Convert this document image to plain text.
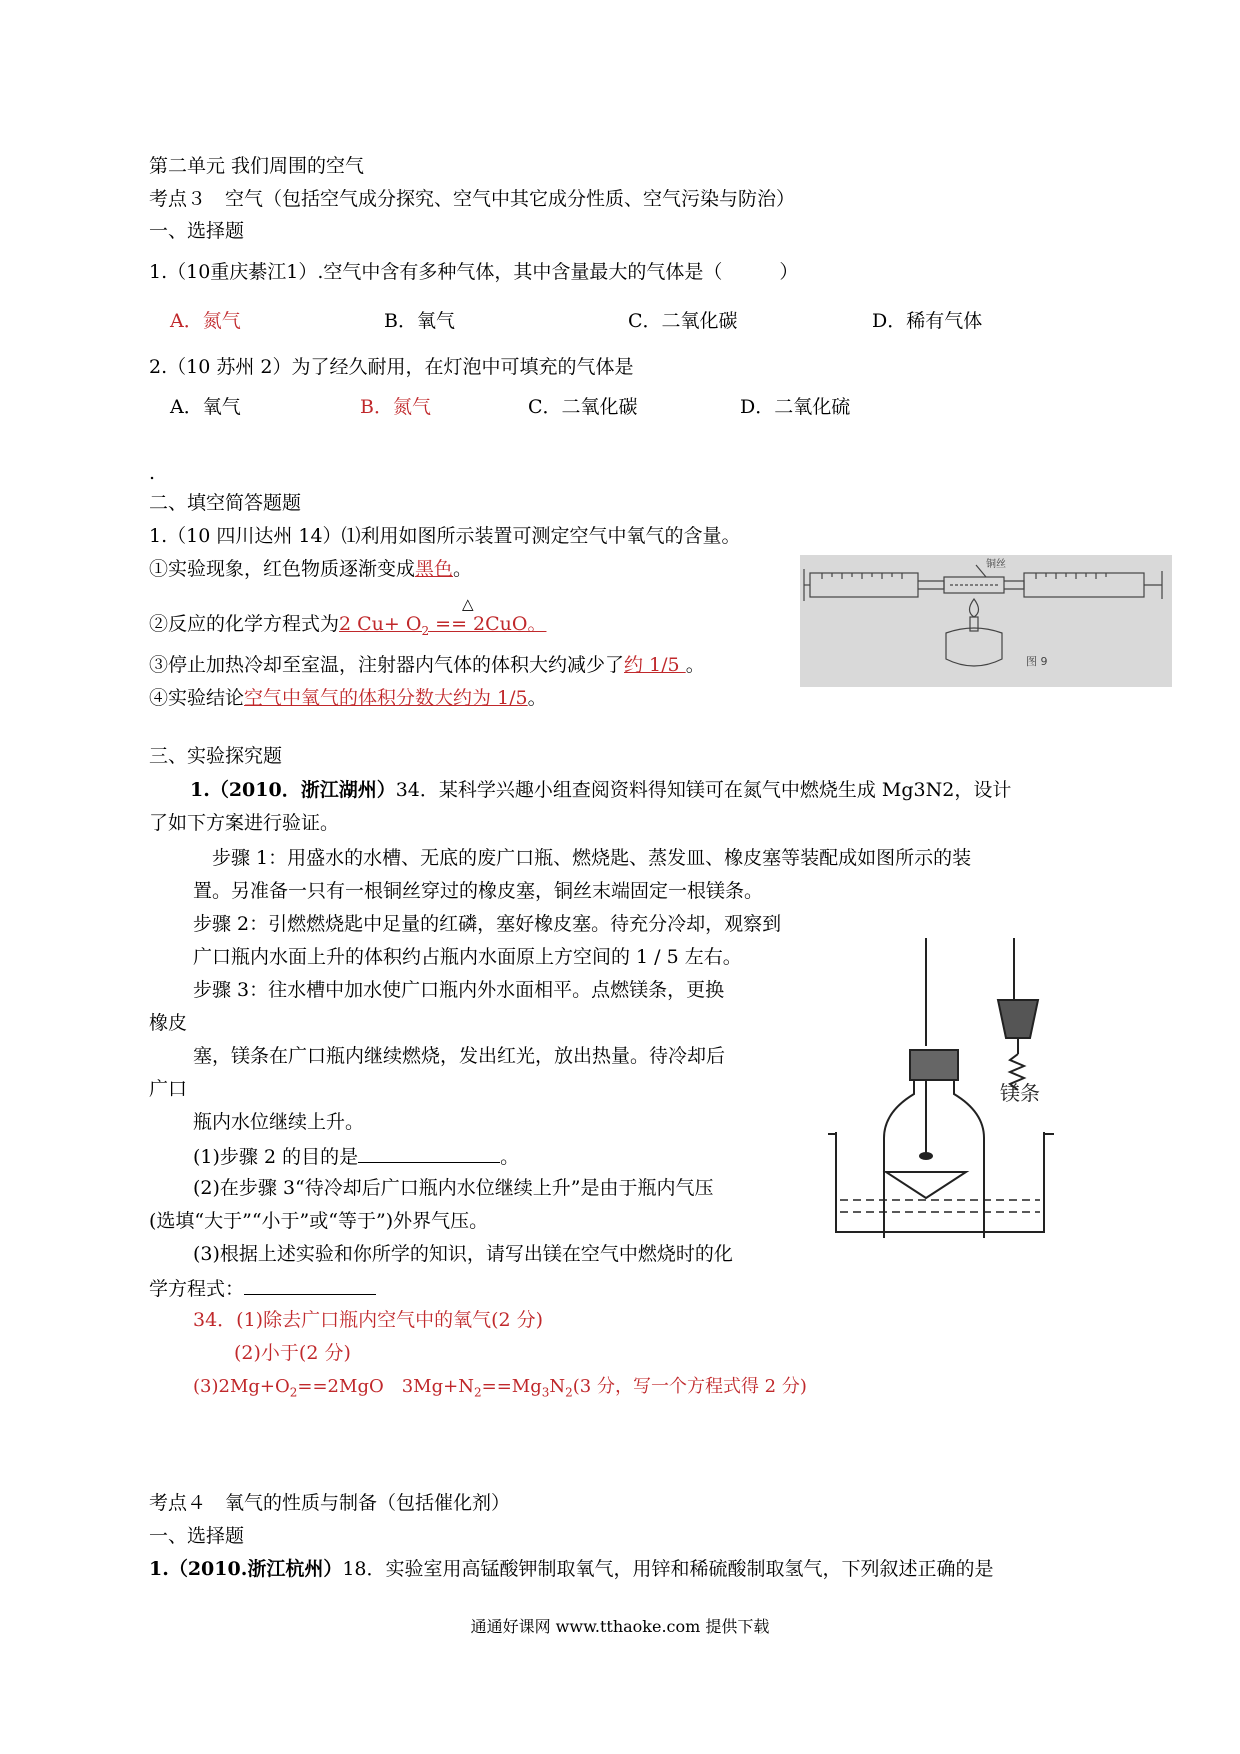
第二单元 我们周围的空气
考点３　空气（包括空气成分探究、空气中其它成分性质、空气污染与防治）
一、选择题
1.（10重庆綦江1）.空气中含有多种气体，其中含量最大的气体是（　　　）
A．氮气	B．氧气	C．二氧化碳	D．稀有气体
2.（10 苏州 2）为了经久耐用，在灯泡中可填充的气体是
A．氧气	B．氮气	C．二氧化碳	D．二氧化硫
.
二、填空简答题题
1.（10 四川达州 14）⑴利用如图所示装置可测定空气中氧气的含量。
①实验现象，红色物质逐渐变成黑色。
△
②反应的化学方程式为2 $Cu+ O_2 == 2CuO$。
③停止加热冷却至室温，注射器内气体的体积大约减少了约 1/5 。
④实验结论空气中氧气的体积分数大约为 1/5。
铜丝
图 9
三、实验探究题
1.（2010．浙江湖州）34．某科学兴趣小组查阅资料得知镁可在氮气中燃烧生成 Mg3N2，设计
了如下方案进行验证。
步骤 1：用盛水的水槽、无底的废广口瓶、燃烧匙、蒸发皿、橡皮塞等装配成如图所示的装
置。另准备一只有一根铜丝穿过的橡皮塞，铜丝末端固定一根镁条。
步骤 2：引燃燃烧匙中足量的红磷，塞好橡皮塞。待充分冷却，观察到
广口瓶内水面上升的体积约占瓶内水面原上方空间的 1 / 5 左右。
步骤 3：往水槽中加水使广口瓶内外水面相平。点燃镁条，更换
橡皮
塞，镁条在广口瓶内继续燃烧，发出红光，放出热量。待冷却后
广口
瓶内水位继续上升。
(1)步骤 2 的目的是	。
(2)在步骤 3“待冷却后广口瓶内水位继续上升”是由于瓶内气压
(选填“大于”“小于”或“等于”)外界气压。
(3)根据上述实验和你所学的知识，请写出镁在空气中燃烧时的化
学方程式：
34．(1)除去广口瓶内空气中的氧气(2 分)
(2)小于(2 分)
$(3)2Mg+O_2==2MgO$　$3Mg+N_2==Mg_3N_2(3$ 分，写一个方程式得 2 分)
镁条
考点４　氧气的性质与制备（包括催化剂）
一、选择题
1.（2010.浙江杭州）18．实验室用高锰酸钾制取氧气，用锌和稀硫酸制取氢气，下列叙述正确的是
通通好课网 www.tthaoke.com 提供下载
